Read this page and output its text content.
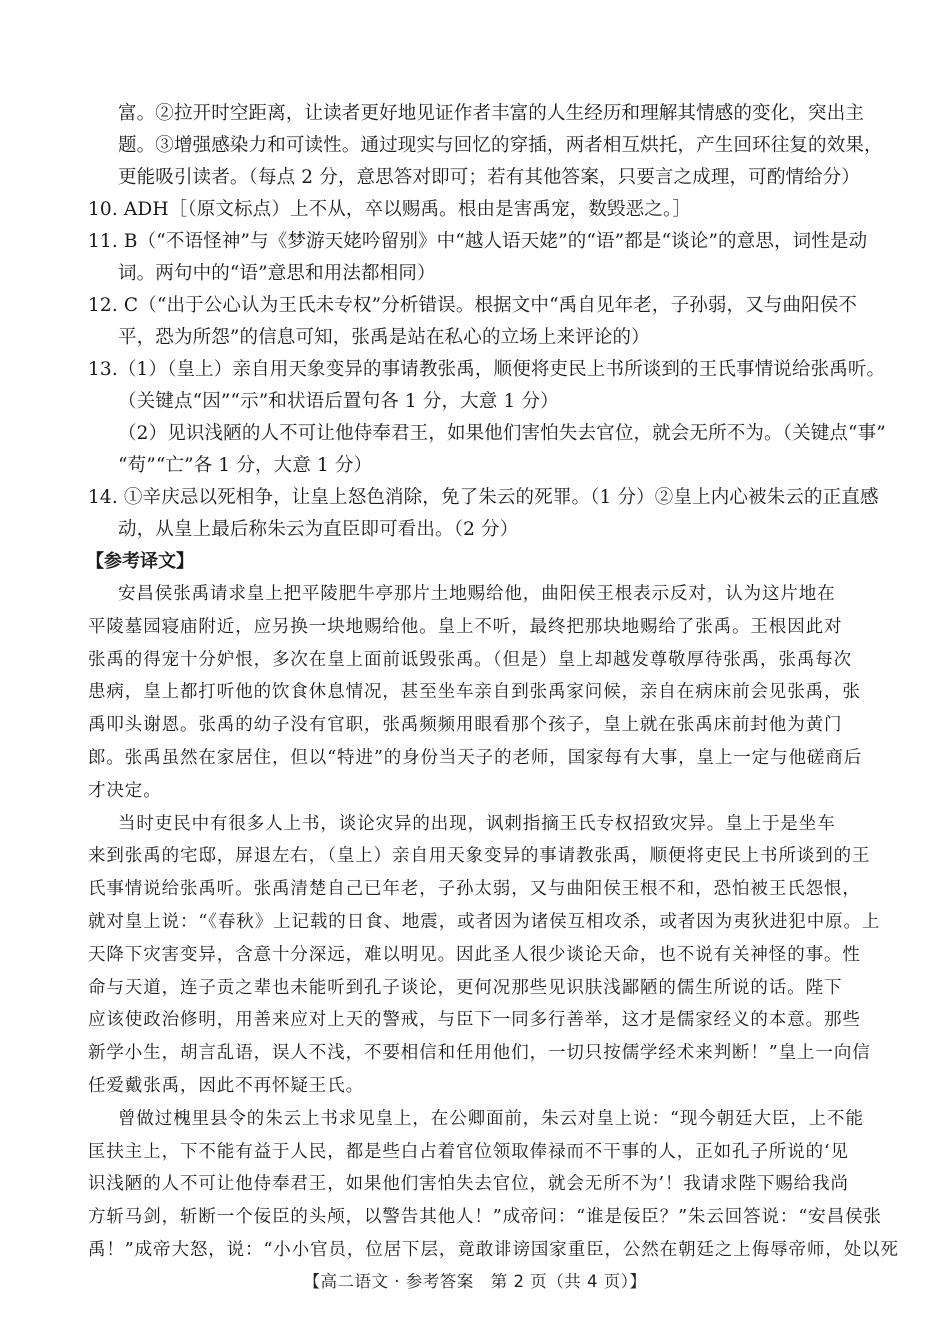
富。②拉开时空距离，让读者更好地见证作者丰富的人生经历和理解其情感的变化，突出主
题。③增强感染力和可读性。通过现实与回忆的穿插，两者相互烘托，产生回环往复的效果，
更能吸引读者。（每点 2 分，意思答对即可；若有其他答案，只要言之成理，可酌情给分）
10. ADH［（原文标点）上不从，卒以赐禹。根由是害禹宠，数毁恶之。］
11. B（“不语怪神”与《梦游天姥吟留别》中“越人语天姥”的“语”都是“谈论”的意思，词性是动
词。两句中的“语”意思和用法都相同）
12. C（“出于公心认为王氏未专权”分析错误。根据文中“禹自见年老，子孙弱，又与曲阳侯不
平，恐为所怨”的信息可知，张禹是站在私心的立场上来评论的）
13.（1）（皇上）亲自用天象变异的事请教张禹，顺便将吏民上书所谈到的王氏事情说给张禹听。
（关键点“因”“示”和状语后置句各 1 分，大意 1 分）
（2）见识浅陋的人不可让他侍奉君王，如果他们害怕失去官位，就会无所不为。（关键点“事”
“苟”“亡”各 1 分，大意 1 分）
14. ①辛庆忌以死相争，让皇上怒色消除，免了朱云的死罪。（1 分）②皇上内心被朱云的正直感
动，从皇上最后称朱云为直臣即可看出。（2 分）
【参考译文】
安昌侯张禹请求皇上把平陵肥牛亭那片土地赐给他，曲阳侯王根表示反对，认为这片地在
平陵墓园寝庙附近，应另换一块地赐给他。皇上不听，最终把那块地赐给了张禹。王根因此对
张禹的得宠十分妒恨，多次在皇上面前诋毁张禹。（但是）皇上却越发尊敬厚待张禹，张禹每次
患病，皇上都打听他的饮食休息情况，甚至坐车亲自到张禹家问候，亲自在病床前会见张禹，张
禹叩头谢恩。张禹的幼子没有官职，张禹频频用眼看那个孩子，皇上就在张禹床前封他为黄门
郎。张禹虽然在家居住，但以“特进”的身份当天子的老师，国家每有大事，皇上一定与他磋商后
才决定。
当时吏民中有很多人上书，谈论灾异的出现，讽刺指摘王氏专权招致灾异。皇上于是坐车
来到张禹的宅邸，屏退左右，（皇上）亲自用天象变异的事请教张禹，顺便将吏民上书所谈到的王
氏事情说给张禹听。张禹清楚自己已年老，子孙太弱，又与曲阳侯王根不和，恐怕被王氏怨恨，
就对皇上说：“《春秋》上记载的日食、地震，或者因为诸侯互相攻杀，或者因为夷狄进犯中原。上
天降下灾害变异，含意十分深远，难以明见。因此圣人很少谈论天命，也不说有关神怪的事。性
命与天道，连子贡之辈也未能听到孔子谈论，更何况那些见识肤浅鄙陋的儒生所说的话。陛下
应该使政治修明，用善来应对上天的警戒，与臣下一同多行善举，这才是儒家经义的本意。那些
新学小生，胡言乱语，误人不浅，不要相信和任用他们，一切只按儒学经术来判断！”皇上一向信
任爱戴张禹，因此不再怀疑王氏。
曾做过槐里县令的朱云上书求见皇上，在公卿面前，朱云对皇上说：“现今朝廷大臣，上不能
匡扶主上，下不能有益于人民，都是些白占着官位领取俸禄而不干事的人，正如孔子所说的‘见
识浅陋的人不可让他侍奉君王，如果他们害怕失去官位，就会无所不为’！我请求陛下赐给我尚
方斩马剑，斩断一个佞臣的头颅，以警告其他人！”成帝问：“谁是佞臣？”朱云回答说：“安昌侯张
禹！”成帝大怒，说：“小小官员，位居下层，竟敢诽谤国家重臣，公然在朝廷之上侮辱帝师，处以死
【高二语文 · 参考答案　第 2 页（共 4 页）】
